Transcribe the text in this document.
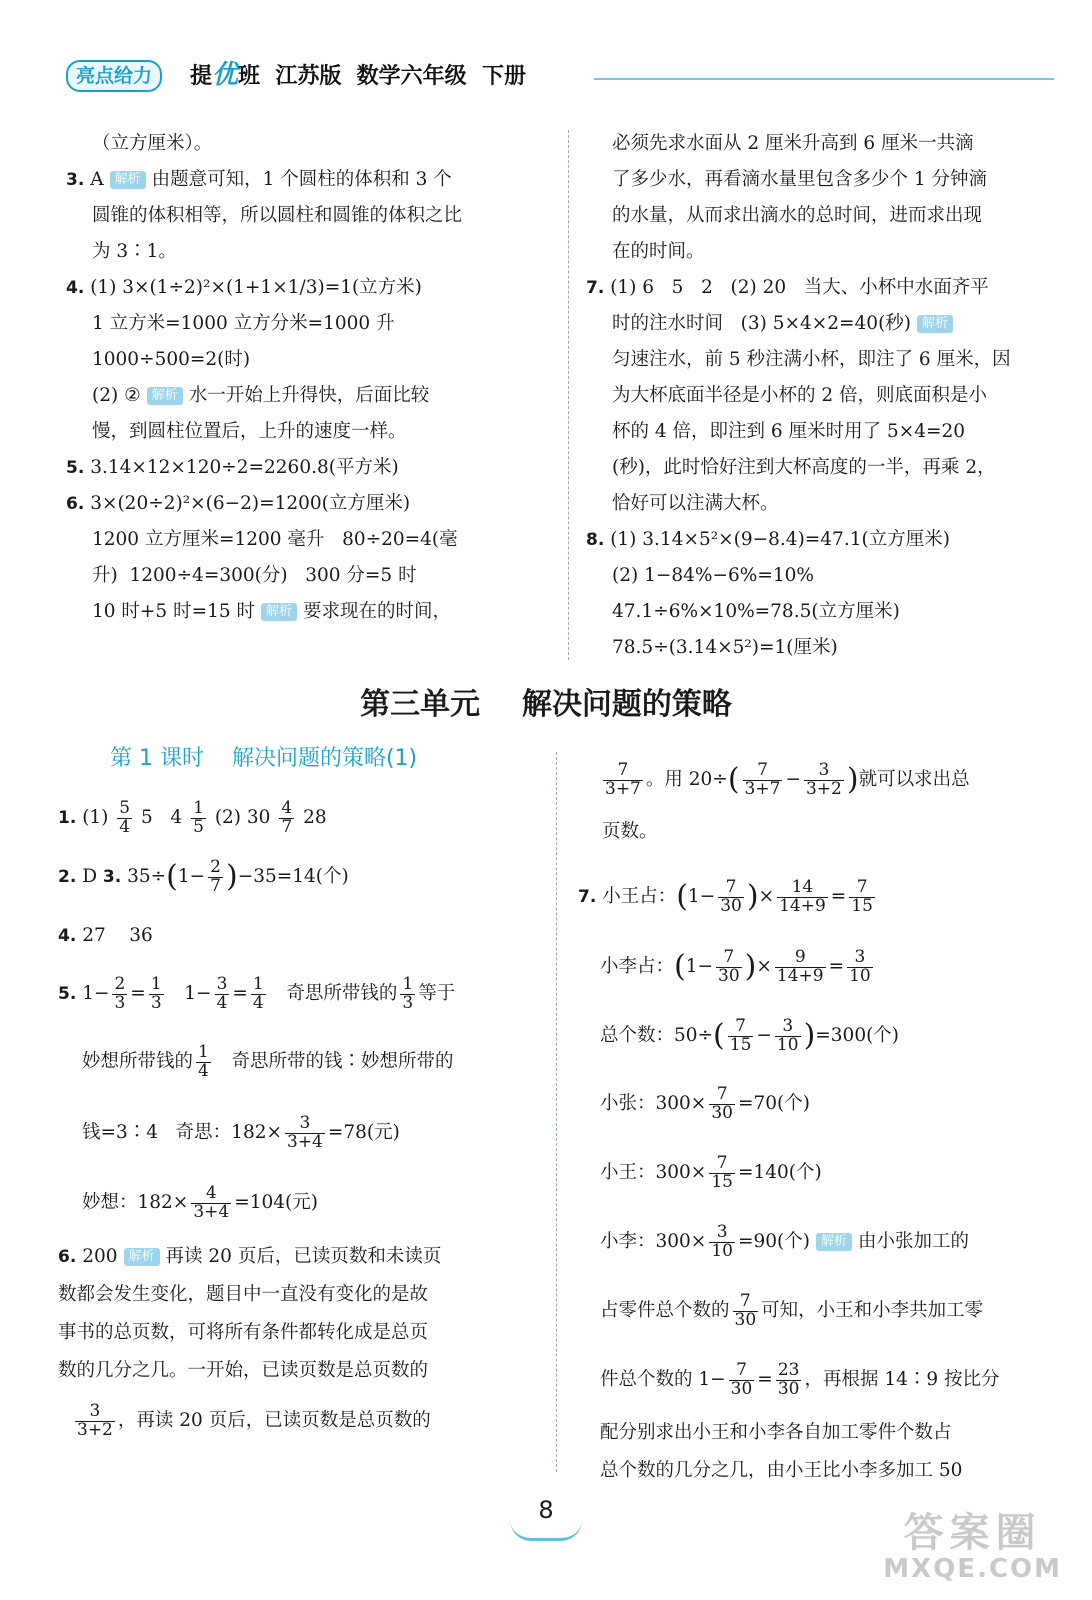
亮点给力	提优班  江苏版  数学六年级  下册

（立方厘米）。

3. A 解析 由题意可知，1 个圆柱的体积和 3 个

圆锥的体积相等，所以圆柱和圆锥的体积之比

为 3∶1。

4. (1) 3×(1÷2)²×(1+1×1/3)=1(立方米)

1 立方米=1000 立方分米=1000 升

1000÷500=2(时)

(2) ② 解析 水一开始上升得快，后面比较

慢，到圆柱位置后，上升的速度一样。

5. 3.14×12×120÷2=2260.8(平方米)

6. 3×(20÷2)²×(6−2)=1200(立方厘米)

1200 立方厘米=1200 毫升   80÷20=4(毫

升)  1200÷4=300(分)   300 分=5 时

10 时+5 时=15 时 解析 要求现在的时间，

必须先求水面从 2 厘米升高到 6 厘米一共滴

了多少水，再看滴水量里包含多少个 1 分钟滴

的水量，从而求出滴水的总时间，进而求出现

在的时间。

7. (1) 6   5   2   (2) 20   当大、小杯中水面齐平

时的注水时间   (3) 5×4×2=40(秒) 解析

匀速注水，前 5 秒注满小杯，即注了 6 厘米，因

为大杯底面半径是小杯的 2 倍，则底面积是小

杯的 4 倍，即注到 6 厘米时用了 5×4=20

(秒)，此时恰好注到大杯高度的一半，再乘 2，

恰好可以注满大杯。

8. (1) 3.14×5²×(9−8.4)=47.1(立方厘米)

(2) 1−84%−6%=10%

47.1÷6%×10%=78.5(立方厘米)

78.5÷(3.14×5²)=1(厘米)

第三单元    解决问题的策略
第 1 课时    解决问题的策略(1)

1. $(1) \frac{5}{4} 5$   $4 \frac{1}{5} (2)$ $30 \frac{4}{7} 28$

2. D 3. $35\div(1- \frac{2}{7} )-35=14$(个)

4. 27    36

5. $1- \frac{2}{3} = \frac{1}{3} 1- \frac{3}{4} = \frac{1}{4}$ 奇思所带钱的 $\frac{1}{3}$ 等于

妙想所带钱的 $\frac{1}{4}$ 奇思所带的钱∶妙想所带的

钱=3∶4   奇思：$182\times \frac{3}{3+4} =78$(元)

妙想：$182\times \frac{4}{3+4} =104$(元)

6. 200 解析 再读 20 页后，已读页数和未读页

数都会发生变化，题目中一直没有变化的是故

事书的总页数，可将所有条件都转化成是总页

数的几分之几。一开始，已读页数是总页数的

$\frac{3}{3+2}$ ，再读 20 页后，已读页数是总页数的

$\frac{7}{3+7}$ 。用 $20\div( \frac{7}{3+7} - \frac{3}{3+2}$ )就可以求出总

页数。

7. 小王占：($1- \frac{7}{30}$ )× $\frac{14}{14+9} = \frac{7}{15}$

小李占：($1- \frac{7}{30}$ )× $\frac{9}{14+9} = \frac{3}{10}$

总个数：$50\div( \frac{7}{15} - \frac{3}{10} )=300$(个)

小张：$300\times \frac{7}{30} =70$(个)

小王：$300\times \frac{7}{15} =140$(个)

小李：$300\times \frac{3}{10} =90$(个) 解析 由小张加工的

占零件总个数的 $\frac{7}{30}$ 可知，小王和小李共加工零

件总个数的 $1- \frac{7}{30} = \frac{23}{30}$ ，再根据 14∶9 按比分

配分别求出小王和小李各自加工零件个数占

总个数的几分之几，由小王比小李多加工 50

8
答案圈
MXQE.COM
